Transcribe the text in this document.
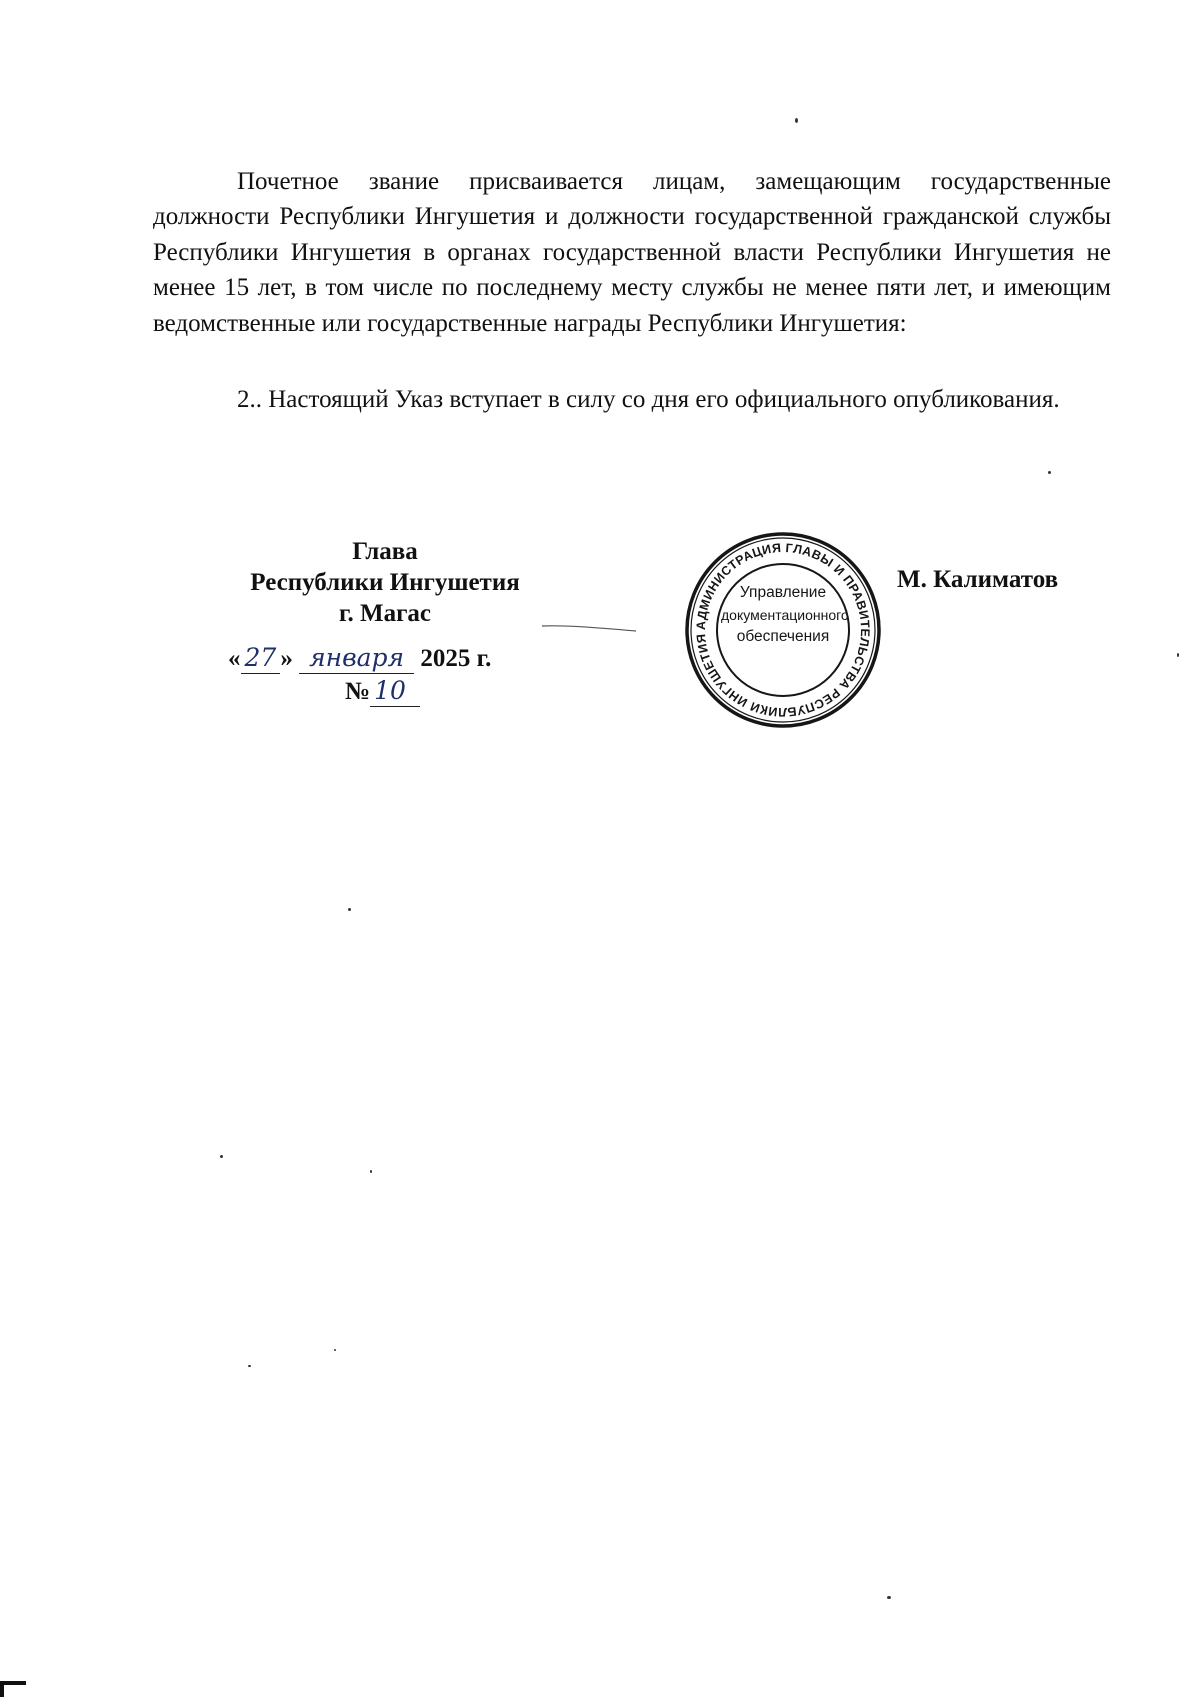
Почетное звание присваивается лицам, замещающим государственные должности Республики Ингушетия и должности государственной гражданской службы Республики Ингушетия в органах государственной власти Республики Ингушетия не менее 15 лет, в том числе по последнему месту службы не менее пяти лет, и имеющим ведомственные или государственные награды Республики Ингушетия:

2.. Настоящий Указ вступает в силу со дня его официального опубликования.

Глава
Республики Ингушетия
г. Магас
« 27 » января 2025 г.
№ 10
АДМИНИСТРАЦИЯ ГЛАВЫ И ПРАВИТЕЛЬСТВА РЕСПУБЛИКИ ИНГУШЕТИЯ
Управление
документационного
обеспечения
М. Калиматов
